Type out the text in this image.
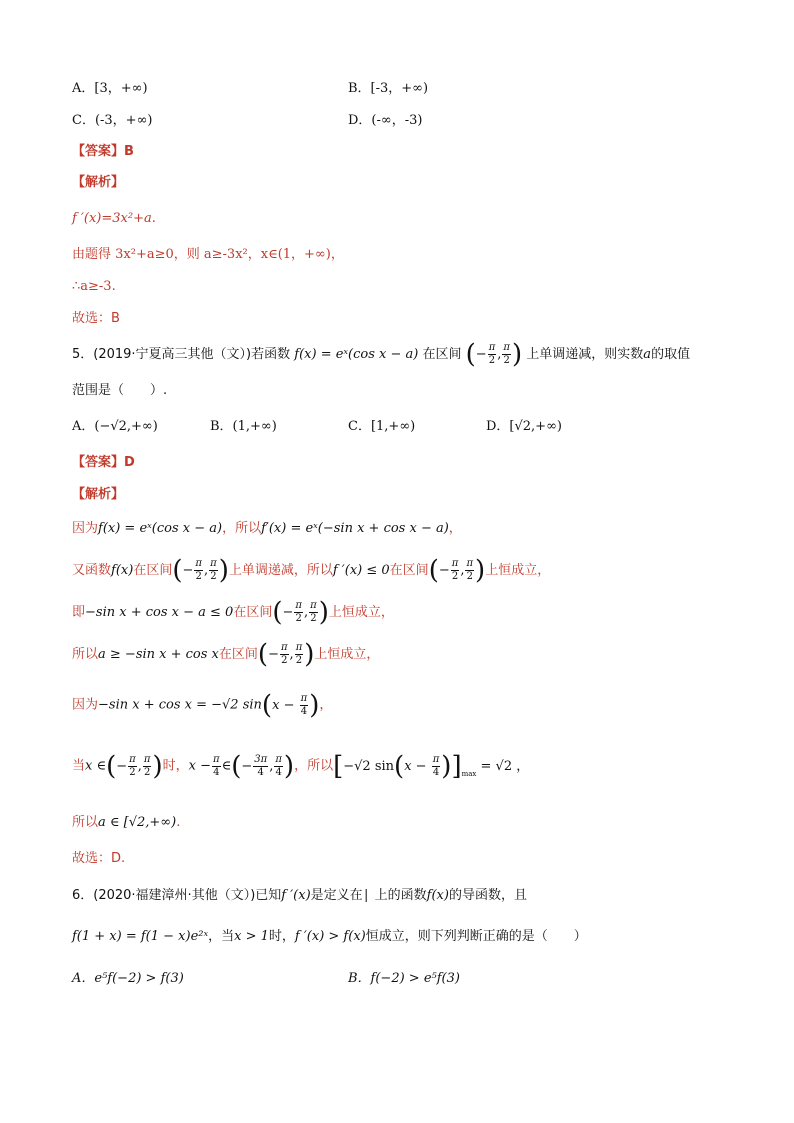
A．[3，+∞)	B．[-3，+∞)
C．(-3，+∞)	D．(-∞，-3)
【答案】B
【解析】
f ′(x)=3x²+a.
由题得 3x²+a≥0，则 a≥-3x²，x∈(1，+∞)，
∴a≥-3.
故选：B
5．(2019·宁夏高三其他（文）)若函数 f(x) = eˣ(cos x − a) 在区间 (− $\frac{\pi}{2}$ , $\frac{\pi}{2}$ ) 上单调递减，则实数a的取值
范围是（　　）.
A．(−√2,+∞)	B．(1,+∞)	C．[1,+∞)	D．[√2,+∞)
【答案】D
【解析】
因为f(x) = eˣ(cos x − a)，所以f′(x) = eˣ(−sin x + cos x − a)，
又函数f(x)在区间(− $\frac{\pi}{2}$ , $\frac{\pi}{2}$ )上单调递减，所以f ′(x) ≤ 0在区间(− $\frac{\pi}{2}$ , $\frac{\pi}{2}$ )上恒成立，
即−sin x + cos x − a ≤ 0在区间(− $\frac{\pi}{2}$ , $\frac{\pi}{2}$ )上恒成立，
所以a ≥ −sin x + cos x在区间(− $\frac{\pi}{2}$ , $\frac{\pi}{2}$ )上恒成立，
因为−sin x + cos x = −√2 $\sin(x - \frac{\pi}{4}$ )，
当x ∈(− $\frac{\pi}{2}$ , $\frac{\pi}{2}$ )时，$x - \frac{\pi}{4}$ ∈(− $\frac{3\pi}{4}$ , $\frac{\pi}{4}$ )，所以[−√2 $\sin(x - \frac{\pi}{4} )]_{max} = √2$ ，
所以a ∈ [√2,+∞).
故选：D.
6．(2020·福建漳州·其他（文）)已知f ′(x)是定义在 | 上的函数f(x)的导函数，且
f(1 + x) = f(1 − x)e²ˣ，当x > 1时，f ′(x) > f(x)恒成立，则下列判断正确的是（　　）
A．e⁵f(−2) > f(3)	B．f(−2) > e⁵f(3)
